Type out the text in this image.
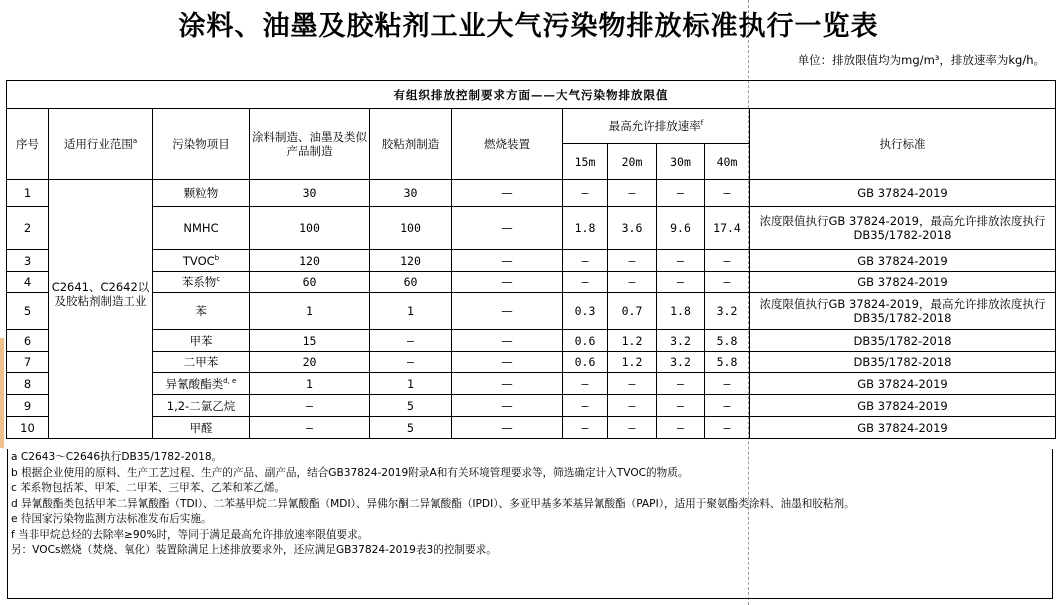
涂料、油墨及胶粘剂工业大气污染物排放标准执行一览表
单位：排放限值均为mg/m³，排放速率为kg/h。
有组织排放控制要求方面——大气污染物排放限值										
序号	适用行业范围$^a$	污染物项目	涂料制造、油墨及类似产品制造	胶粘剂制造	燃烧装置	最高允许排放速率$^f$				执行标准
						15m	20m	30m	40m	
1	C2641、C2642以及胶粘剂制造工业	颗粒物	30	30	—	—	—	—	—	GB 37824-2019
2		NMHC	100	100	—	1.8	3.6	9.6	17.4	浓度限值执行GB 37824-2019，最高允许排放浓度执行DB35/1782-2018
3		TVOC$^b$	120	120	—	—	—	—	—	GB 37824-2019
4		苯系物$^c$	60	60	—	—	—	—	—	GB 37824-2019
5		苯	1	1	—	0.3	0.7	1.8	3.2	浓度限值执行GB 37824-2019，最高允许排放浓度执行DB35/1782-2018
6		甲苯	15	—	—	0.6	1.2	3.2	5.8	DB35/1782-2018
7		二甲苯	20	—	—	0.6	1.2	3.2	5.8	DB35/1782-2018
8		异氰酸酯类$^{d, e}$	1	1	—	—	—	—	—	GB 37824-2019
9		1,2-二氯乙烷	—	5	—	—	—	—	—	GB 37824-2019
10		甲醛	—	5	—	—	—	—	—	GB 37824-2019
a C2643～C2646执行DB35/1782-2018。
b 根据企业使用的原料、生产工艺过程、生产的产品、副产品，结合GB37824-2019附录A和有关环境管理要求等，筛选确定计入TVOC的物质。
c 苯系物包括苯、甲苯、二甲苯、三甲苯、乙苯和苯乙烯。
d 异氰酸酯类包括甲苯二异氰酸酯（TDI）、二苯基甲烷二异氰酸酯（MDI）、异佛尔酮二异氰酸酯（IPDI）、多亚甲基多苯基异氰酸酯（PAPI），适用于聚氨酯类涂料、油墨和胶粘剂。
e 待国家污染物监测方法标准发布后实施。
f 当非甲烷总烃的去除率≥90%时，等同于满足最高允许排放速率限值要求。
另：VOCs燃烧（焚烧、氧化）装置除满足上述排放要求外，还应满足GB37824-2019表3的控制要求。
